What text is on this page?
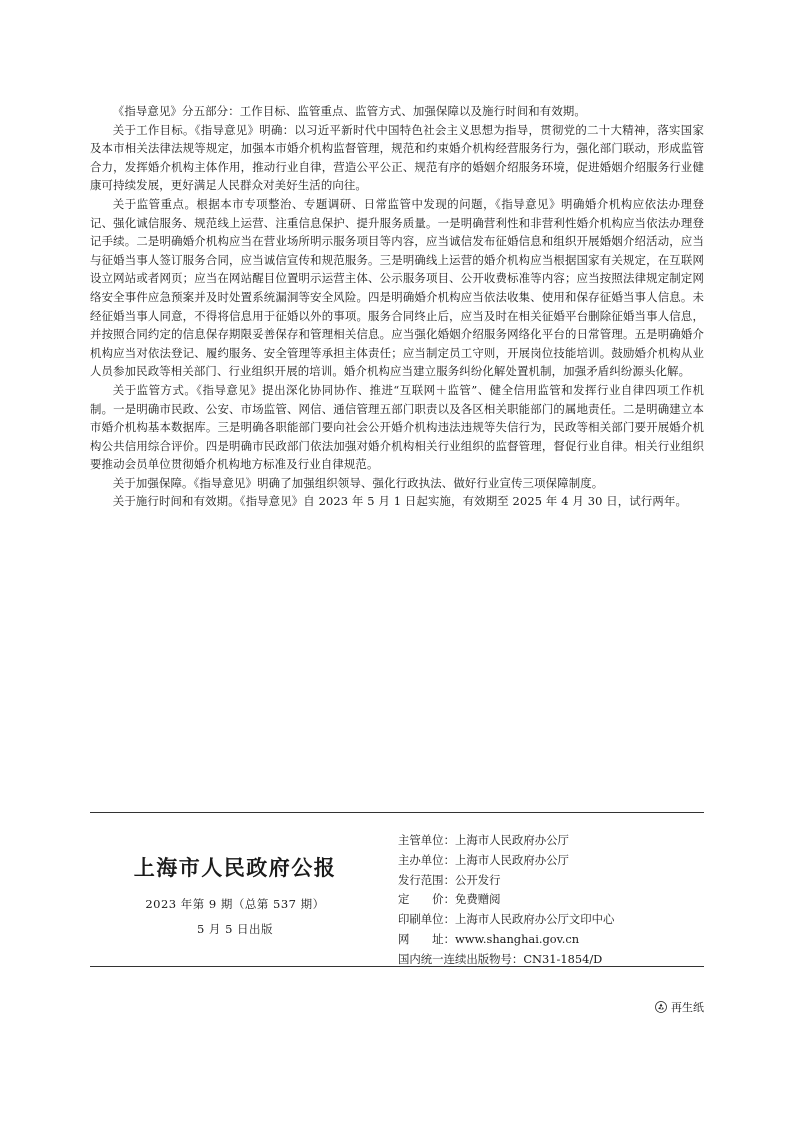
《指导意见》分五部分：工作目标、监管重点、监管方式、加强保障以及施行时间和有效期。

关于工作目标。《指导意见》明确：以习近平新时代中国特色社会主义思想为指导，贯彻党的二十大精神，落实国家及本市相关法律法规等规定，加强本市婚介机构监督管理，规范和约束婚介机构经营服务行为，强化部门联动，形成监管合力，发挥婚介机构主体作用，推动行业自律，营造公平公正、规范有序的婚姻介绍服务环境，促进婚姻介绍服务行业健康可持续发展，更好满足人民群众对美好生活的向往。

关于监管重点。根据本市专项整治、专题调研、日常监管中发现的问题，《指导意见》明确婚介机构应依法办理登记、强化诚信服务、规范线上运营、注重信息保护、提升服务质量。一是明确营利性和非营利性婚介机构应当依法办理登记手续。二是明确婚介机构应当在营业场所明示服务项目等内容，应当诚信发布征婚信息和组织开展婚姻介绍活动，应当与征婚当事人签订服务合同，应当诚信宣传和规范服务。三是明确线上运营的婚介机构应当根据国家有关规定，在互联网设立网站或者网页；应当在网站醒目位置明示运营主体、公示服务项目、公开收费标准等内容；应当按照法律规定制定网络安全事件应急预案并及时处置系统漏洞等安全风险。四是明确婚介机构应当依法收集、使用和保存征婚当事人信息。未经征婚当事人同意，不得将信息用于征婚以外的事项。服务合同终止后，应当及时在相关征婚平台删除征婚当事人信息，并按照合同约定的信息保存期限妥善保存和管理相关信息。应当强化婚姻介绍服务网络化平台的日常管理。五是明确婚介机构应当对依法登记、履约服务、安全管理等承担主体责任；应当制定员工守则，开展岗位技能培训。鼓励婚介机构从业人员参加民政等相关部门、行业组织开展的培训。婚介机构应当建立服务纠纷化解处置机制，加强矛盾纠纷源头化解。

关于监管方式。《指导意见》提出深化协同协作、推进“互联网＋监管”、健全信用监管和发挥行业自律四项工作机制。一是明确市民政、公安、市场监管、网信、通信管理五部门职责以及各区相关职能部门的属地责任。二是明确建立本市婚介机构基本数据库。三是明确各职能部门要向社会公开婚介机构违法违规等失信行为，民政等相关部门要开展婚介机构公共信用综合评价。四是明确市民政部门依法加强对婚介机构相关行业组织的监督管理，督促行业自律。相关行业组织要推动会员单位贯彻婚介机构地方标准及行业自律规范。

关于加强保障。《指导意见》明确了加强组织领导、强化行政执法、做好行业宣传三项保障制度。

关于施行时间和有效期。《指导意见》自 2023 年 5 月 1 日起实施，有效期至 2025 年 4 月 30 日，试行两年。

上海市人民政府公报
2023 年第 9 期（总第 537 期）
5 月 5 日出版
主管单位： 上海市人民政府办公厅
主办单位： 上海市人民政府办公厅
发行范围： 公开发行
定　　价： 免费赠阅
印刷单位： 上海市人民政府办公厅文印中心
网　　址： www.shanghai.gov.cn
国内统一连续出版物号： CN31-1854/D
再生纸
